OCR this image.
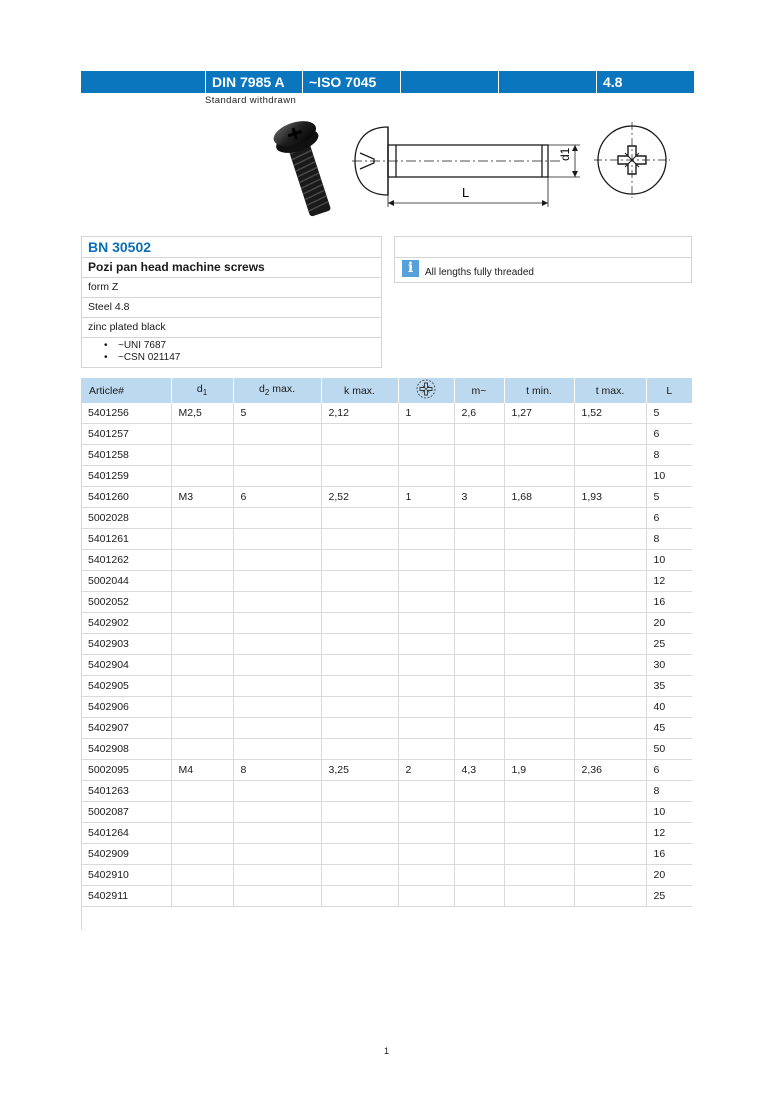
DIN 7985 A	~ISO 7045	4.8
Standard withdrawn
d1
L
BN 30502
Pozi pan head machine screws
form Z
Steel 4.8
zinc plated black
• ~UNI 7687
• ~CSN 021147
i	All lengths fully threaded
Article#	$d_1$	$d_2$ max.	k max.		m~	t min.	t max.	L
5401256	M2,5	5	2,12	1	2,6	1,27	1,52	5
5401257								6
5401258								8
5401259								10
5401260	M3	6	2,52	1	3	1,68	1,93	5
5002028								6
5401261								8
5401262								10
5002044								12
5002052								16
5402902								20
5402903								25
5402904								30
5402905								35
5402906								40
5402907								45
5402908								50
5002095	M4	8	3,25	2	4,3	1,9	2,36	6
5401263								8
5002087								10
5401264								12
5402909								16
5402910								20
5402911								25
1
